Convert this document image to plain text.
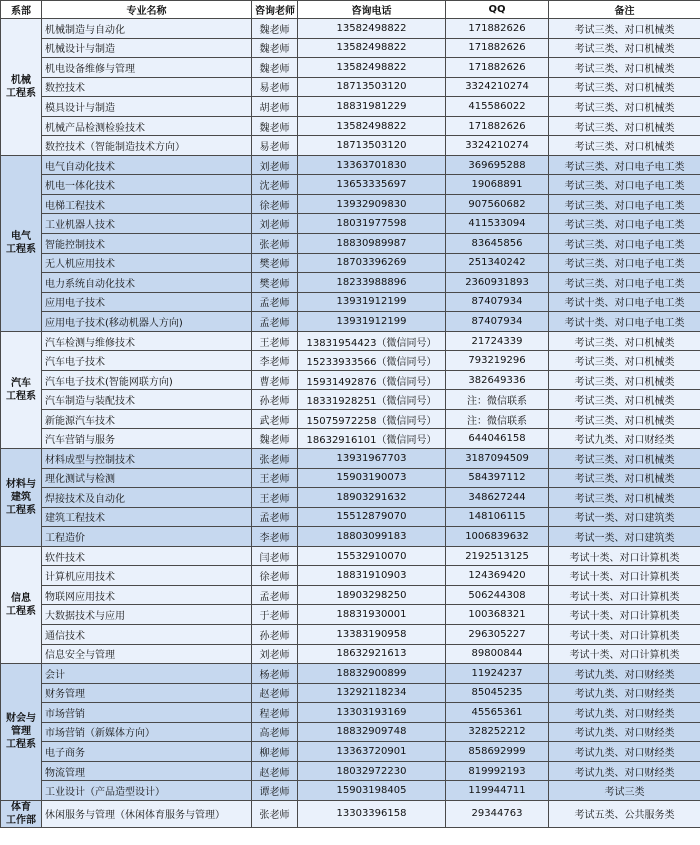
系部	专业名称	咨询老师	咨询电话	QQ	备注
机械
工程系	机械制造与自动化	魏老师	13582498822	171882626	考试三类、对口机械类
	机械设计与制造	魏老师	13582498822	171882626	考试三类、对口机械类
	机电设备维修与管理	魏老师	13582498822	171882626	考试三类、对口机械类
	数控技术	易老师	18713503120	3324210274	考试三类、对口机械类
	模具设计与制造	胡老师	18831981229	415586022	考试三类、对口机械类
	机械产品检测检验技术	魏老师	13582498822	171882626	考试三类、对口机械类
	数控技术（智能制造技术方向）	易老师	18713503120	3324210274	考试三类、对口机械类
电气
工程系	电气自动化技术	刘老师	13363701830	369695288	考试三类、对口电子电工类
	机电一体化技术	沈老师	13653335697	19068891	考试三类、对口电子电工类
	电梯工程技术	徐老师	13932909830	907560682	考试三类、对口电子电工类
	工业机器人技术	刘老师	18031977598	411533094	考试三类、对口电子电工类
	智能控制技术	张老师	18830989987	83645856	考试三类、对口电子电工类
	无人机应用技术	樊老师	18703396269	251340242	考试三类、对口电子电工类
	电力系统自动化技术	樊老师	18233988896	2360931893	考试三类、对口电子电工类
	应用电子技术	孟老师	13931912199	87407934	考试十类、对口电子电工类
	应用电子技术(移动机器人方向)	孟老师	13931912199	87407934	考试十类、对口电子电工类
汽车
工程系	汽车检测与维修技术	王老师	13831954423（微信同号）	21724339	考试三类、对口机械类
	汽车电子技术	李老师	15233933566（微信同号）	793219296	考试三类、对口机械类
	汽车电子技术(智能网联方向)	曹老师	15931492876（微信同号）	382649336	考试三类、对口机械类
	汽车制造与装配技术	孙老师	18331928251（微信同号）	注：微信联系	考试三类、对口机械类
	新能源汽车技术	武老师	15075972258（微信同号）	注：微信联系	考试三类、对口机械类
	汽车营销与服务	魏老师	18632916101（微信同号）	644046158	考试九类、对口财经类
材料与
建筑
工程系	材料成型与控制技术	张老师	13931967703	3187094509	考试三类、对口机械类
	理化测试与检测	王老师	15903190073	584397112	考试三类、对口机械类
	焊接技术及自动化	王老师	18903291632	348627244	考试三类、对口机械类
	建筑工程技术	孟老师	15512879070	148106115	考试一类、对口建筑类
	工程造价	李老师	18803099183	1006839632	考试一类、对口建筑类
信息
工程系	软件技术	闫老师	15532910070	2192513125	考试十类、对口计算机类
	计算机应用技术	徐老师	18831910903	124369420	考试十类、对口计算机类
	物联网应用技术	孟老师	18903298250	506244308	考试十类、对口计算机类
	大数据技术与应用	于老师	18831930001	100368321	考试十类、对口计算机类
	通信技术	孙老师	13383190958	296305227	考试十类、对口计算机类
	信息安全与管理	刘老师	18632921613	89800844	考试十类、对口计算机类
财会与
管理
工程系	会计	杨老师	18832900899	11924237	考试九类、对口财经类
	财务管理	赵老师	13292118234	85045235	考试九类、对口财经类
	市场营销	程老师	13303193169	45565361	考试九类、对口财经类
	市场营销（新媒体方向）	高老师	18832909748	328252212	考试九类、对口财经类
	电子商务	柳老师	13363720901	858692999	考试九类、对口财经类
	物流管理	赵老师	18032972230	819992193	考试九类、对口财经类
	工业设计（产品造型设计）	谭老师	15903198405	119944711	考试三类
体育
工作部	休闲服务与管理（休闲体育服务与管理）	张老师	13303396158	29344763	考试五类、公共服务类
